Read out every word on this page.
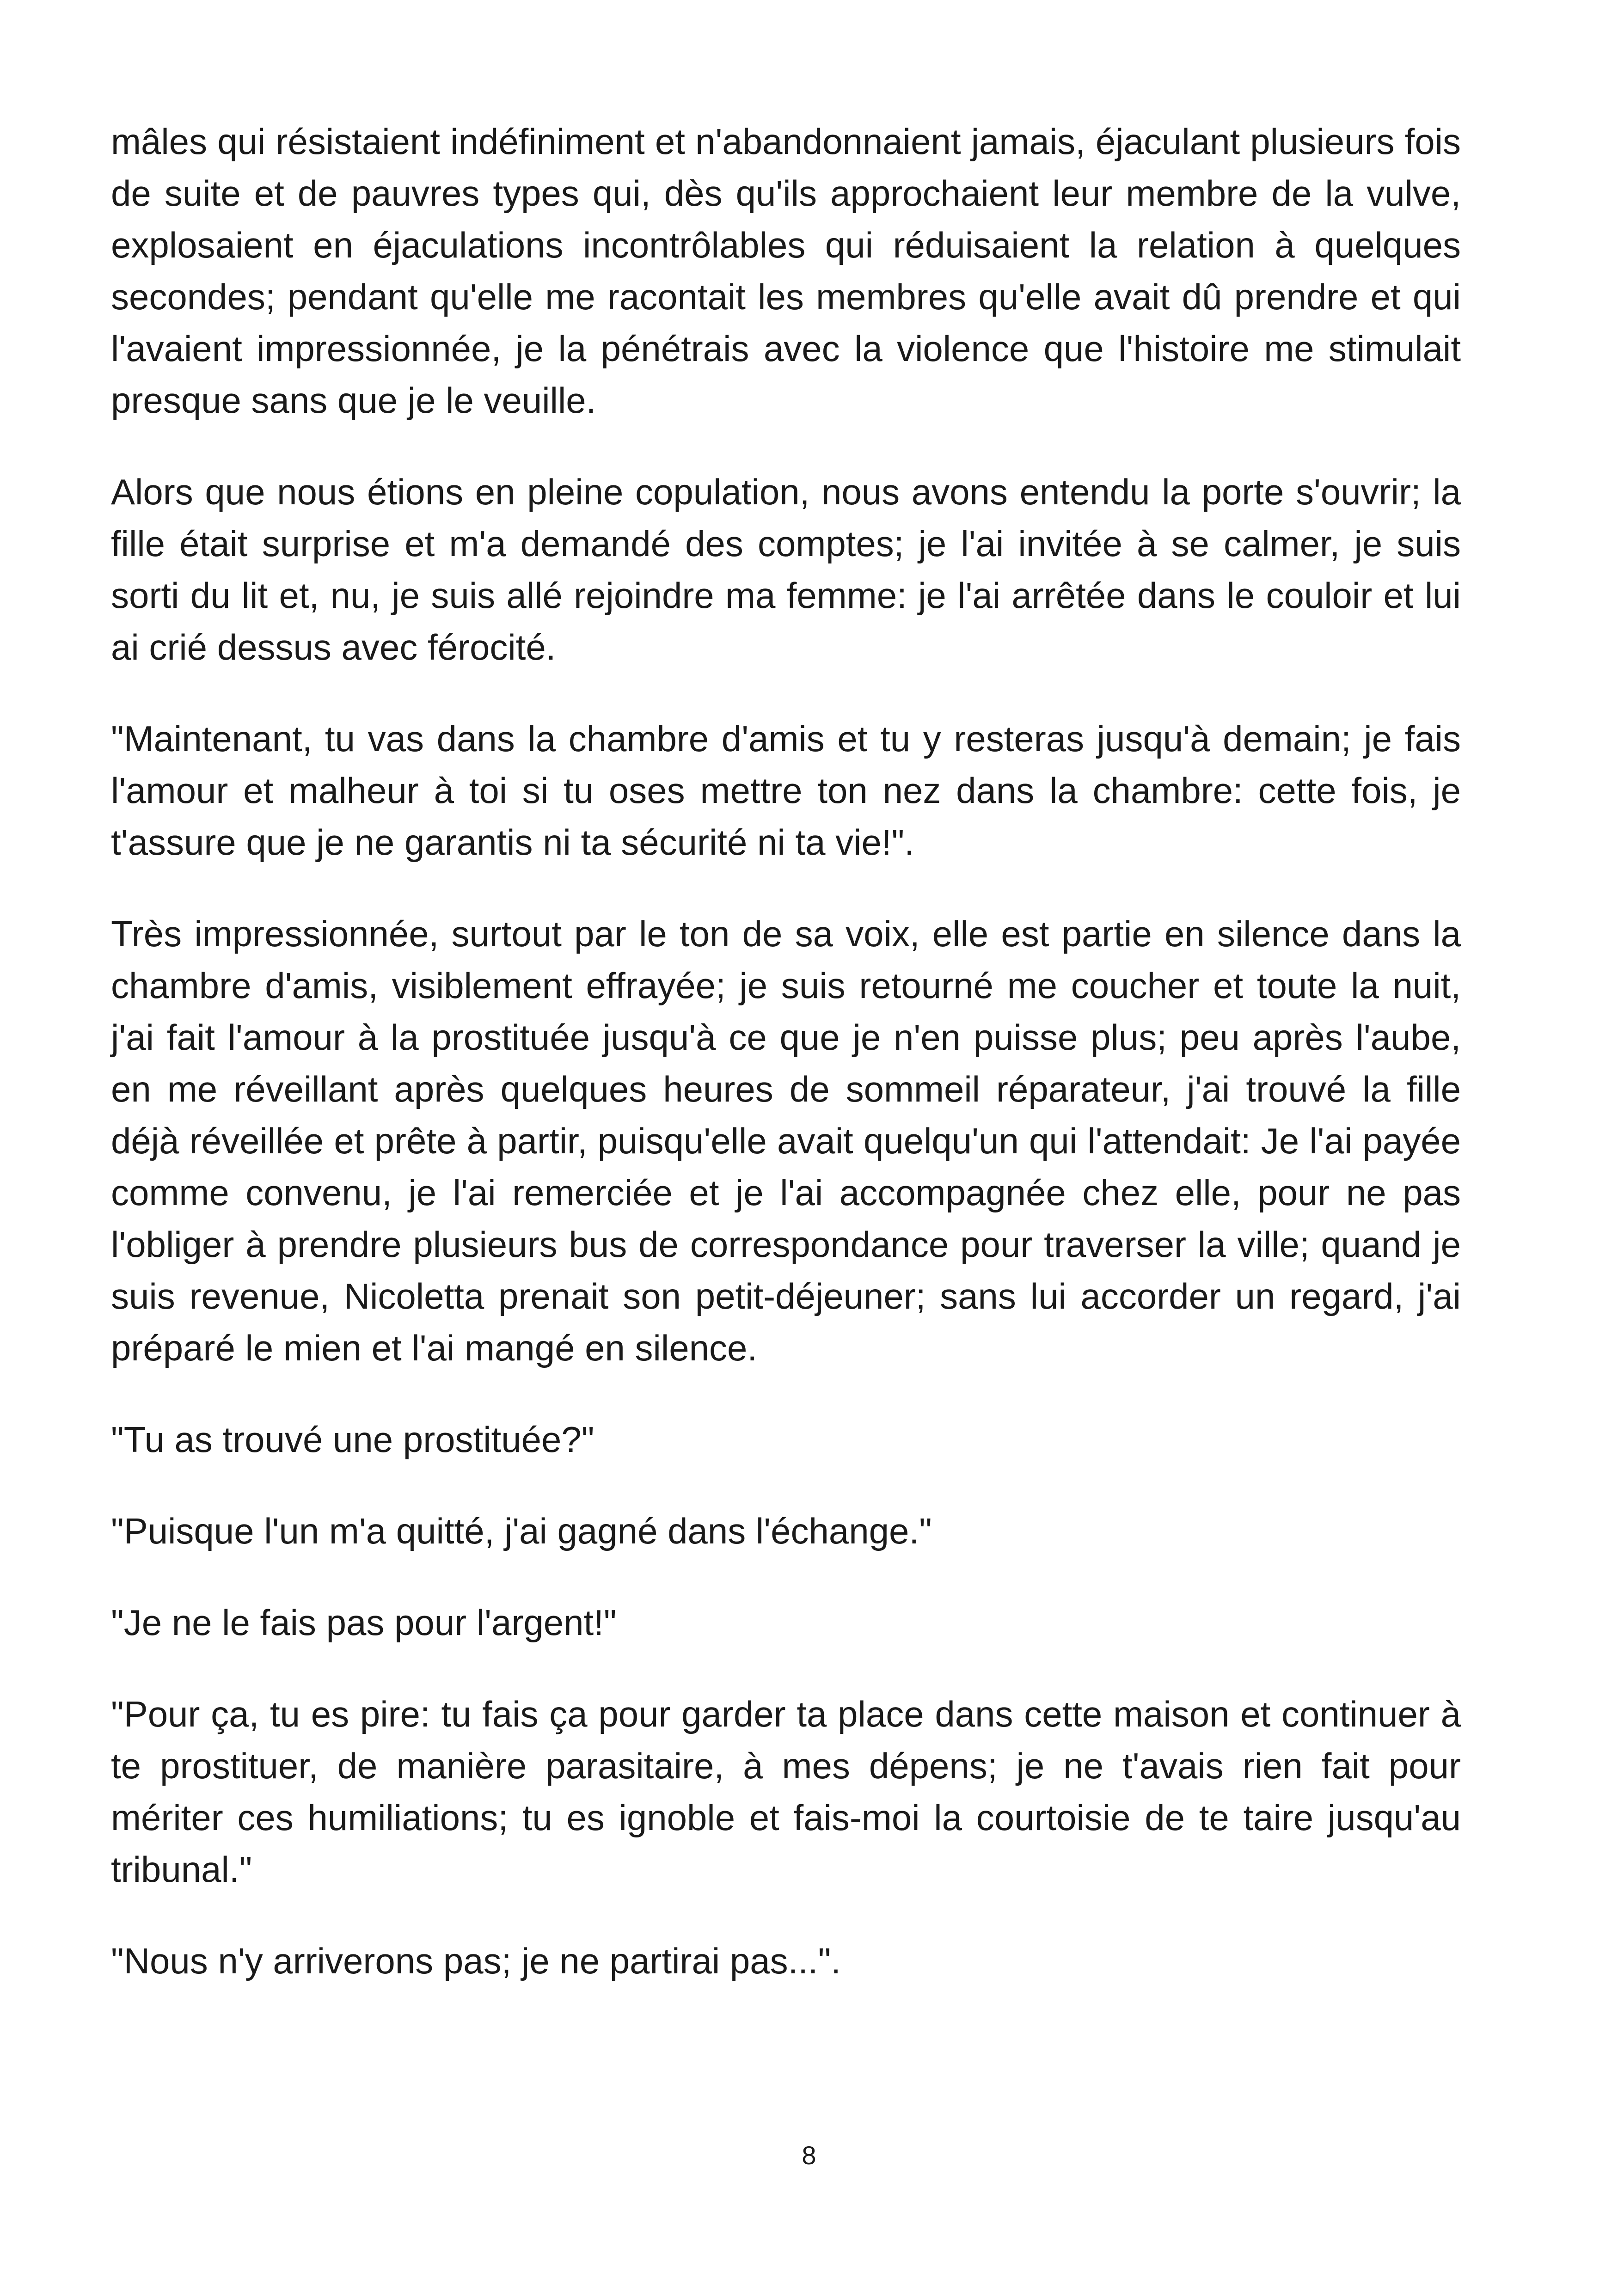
mâles qui résistaient indéfiniment et n'abandonnaient jamais, éjaculant plusieurs fois de suite et de pauvres types qui, dès qu'ils approchaient leur membre de la vulve, explosaient en éjaculations incontrôlables qui réduisaient la relation à quelques secondes; pendant qu'elle me racontait les membres qu'elle avait dû prendre et qui l'avaient impressionnée, je la pénétrais avec la violence que l'histoire me stimulait presque sans que je le veuille.

Alors que nous étions en pleine copulation, nous avons entendu la porte s'ouvrir; la fille était surprise et m'a demandé des comptes; je l'ai invitée à se calmer, je suis sorti du lit et, nu, je suis allé rejoindre ma femme: je l'ai arrêtée dans le couloir et lui ai crié dessus avec férocité.

"Maintenant, tu vas dans la chambre d'amis et tu y resteras jusqu'à demain; je fais l'amour et malheur à toi si tu oses mettre ton nez dans la chambre: cette fois, je t'assure que je ne garantis ni ta sécurité ni ta vie!".

Très impressionnée, surtout par le ton de sa voix, elle est partie en silence dans la chambre d'amis, visiblement effrayée; je suis retourné me coucher et toute la nuit, j'ai fait l'amour à la prostituée jusqu'à ce que je n'en puisse plus; peu après l'aube, en me réveillant après quelques heures de sommeil réparateur, j'ai trouvé la fille déjà réveillée et prête à partir, puisqu'elle avait quelqu'un qui l'attendait: Je l'ai payée comme convenu, je l'ai remerciée et je l'ai accompagnée chez elle, pour ne pas l'obliger à prendre plusieurs bus de correspondance pour traverser la ville; quand je suis revenue, Nicoletta prenait son petit-déjeuner; sans lui accorder un regard, j'ai préparé le mien et l'ai mangé en silence.

"Tu as trouvé une prostituée?"

"Puisque l'un m'a quitté, j'ai gagné dans l'échange."

"Je ne le fais pas pour l'argent!"

"Pour ça, tu es pire: tu fais ça pour garder ta place dans cette maison et continuer à te prostituer, de manière parasitaire, à mes dépens; je ne t'avais rien fait pour mériter ces humiliations; tu es ignoble et fais-moi la courtoisie de te taire jusqu'au tribunal."

"Nous n'y arriverons pas; je ne partirai pas...".

8
